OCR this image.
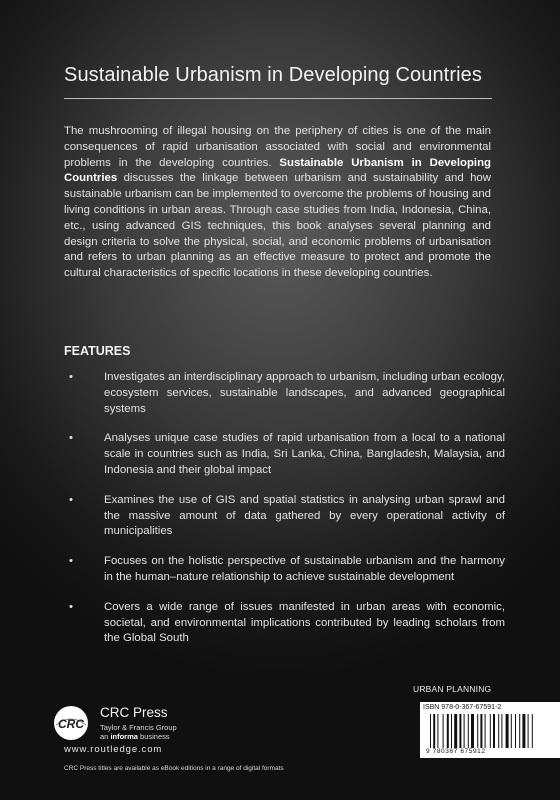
Sustainable Urbanism in Developing Countries
The mushrooming of illegal housing on the periphery of cities is one of the main consequences of rapid urbanisation associated with social and environmental problems in the developing countries. Sustainable Urbanism in Developing Countries discusses the linkage between urbanism and sustainability and how sustainable urbanism can be implemented to overcome the problems of housing and living conditions in urban areas. Through case studies from India, Indonesia, China, etc., using advanced GIS techniques, this book analyses several planning and design criteria to solve the physical, social, and economic problems of urbanisation and refers to urban planning as an effective measure to protect and promote the cultural characteristics of specific locations in these developing countries.
FEATURES
•	Investigates an interdisciplinary approach to urbanism, including urban ecology, ecosystem services, sustainable landscapes, and advanced geographical systems
•	Analyses unique case studies of rapid urbanisation from a local to a national scale in countries such as India, Sri Lanka, China, Bangladesh, Malaysia, and Indonesia and their global impact
•	Examines the use of GIS and spatial statistics in analysing urban sprawl and the massive amount of data gathered by every operational activity of municipalities
•	Focuses on the holistic perspective of sustainable urbanism and the harmony in the human–nature relationship to achieve sustainable development
•	Covers a wide range of issues manifested in urban areas with economic, societal, and environmental implications contributed by leading scholars from the Global South
URBAN PLANNING
ISBN 978-0-367-67591-2
9 780367 675912
CRC
CRC Press
Taylor & Francis Group
an informa business
www.routledge.com
CRC Press titles are available as eBook editions in a range of digital formats
